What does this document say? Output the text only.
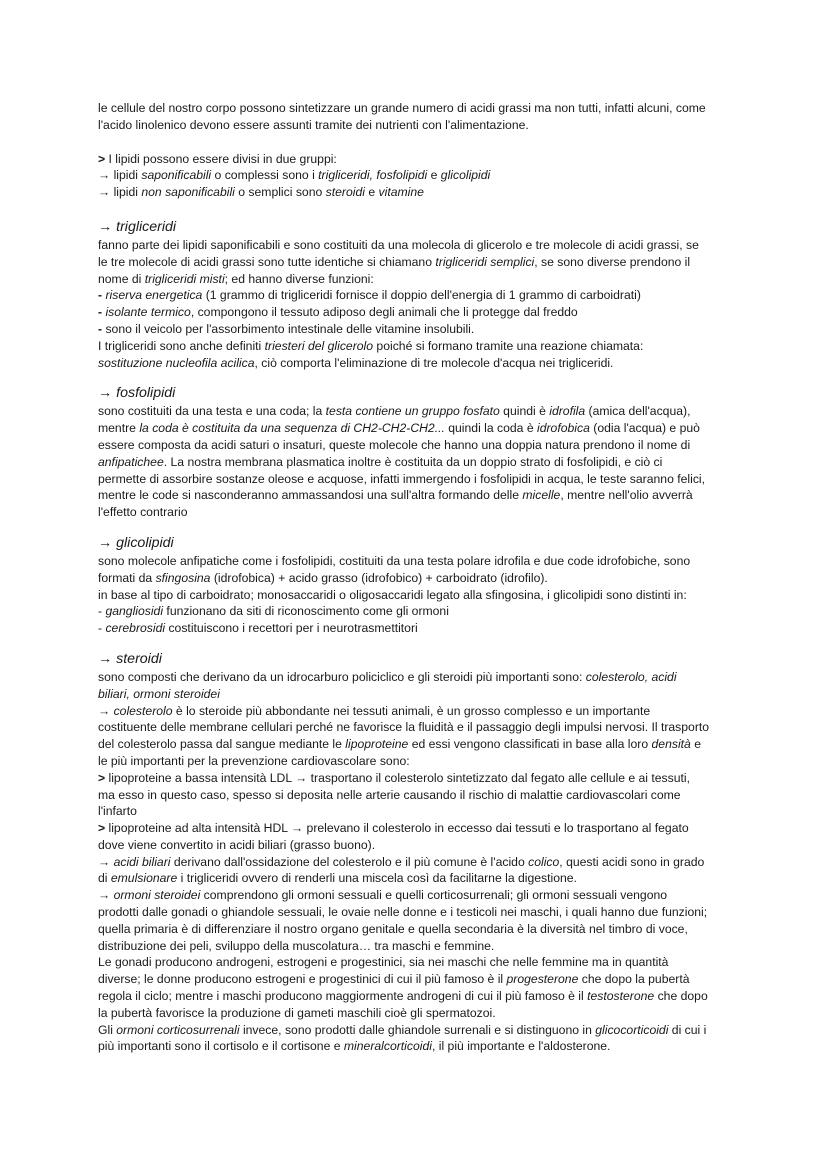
le cellule del nostro corpo possono sintetizzare un grande numero di acidi grassi ma non tutti, infatti alcuni, come

l'acido linolenico devono essere assunti tramite dei nutrienti con l'alimentazione.

> I lipidi possono essere divisi in due gruppi:

→ lipidi saponificabili o complessi sono i trigliceridi, fosfolipidi e glicolipidi

→ lipidi non saponificabili o semplici sono steroidi e vitamine

→ trigliceridi

fanno parte dei lipidi saponificabili e sono costituiti da una molecola di glicerolo e tre molecole di acidi grassi, se

le tre molecole di acidi grassi sono tutte identiche si chiamano trigliceridi semplici, se sono diverse prendono il

nome di trigliceridi misti; ed hanno diverse funzioni:

- riserva energetica (1 grammo di trigliceridi fornisce il doppio dell'energia di 1 grammo di carboidrati)

- isolante termico, compongono il tessuto adiposo degli animali che li protegge dal freddo

- sono il veicolo per l'assorbimento intestinale delle vitamine insolubili.

I trigliceridi sono anche definiti triesteri del glicerolo poiché si formano tramite una reazione chiamata:

sostituzione nucleofila acilica, ciò comporta l'eliminazione di tre molecole d'acqua nei trigliceridi.

→ fosfolipidi

sono costituiti da una testa e una coda; la testa contiene un gruppo fosfato quindi è idrofila (amica dell'acqua),

mentre la coda è costituita da una sequenza di CH2-CH2-CH2... quindi la coda è idrofobica (odia l'acqua) e può

essere composta da acidi saturi o insaturi, queste molecole che hanno una doppia natura prendono il nome di

anfipatichee. La nostra membrana plasmatica inoltre è costituita da un doppio strato di fosfolipidi, e ciò ci

permette di assorbire sostanze oleose e acquose, infatti immergendo i fosfolipidi in acqua, le teste saranno felici,

mentre le code si nasconderanno ammassandosi una sull'altra formando delle micelle, mentre nell'olio avverrà

l'effetto contrario

→ glicolipidi

sono molecole anfipatiche come i fosfolipidi, costituiti da una testa polare idrofila e due code idrofobiche, sono

formati da sfingosina (idrofobica) + acido grasso (idrofobico) + carboidrato (idrofilo).

in base al tipo di carboidrato; monosaccaridi o oligosaccaridi legato alla sfingosina, i glicolipidi sono distinti in:

- gangliosidi funzionano da siti di riconoscimento come gli ormoni

- cerebrosidi costituiscono i recettori per i neurotrasmettitori

→ steroidi

sono composti che derivano da un idrocarburo policiclico e gli steroidi più importanti sono: colesterolo, acidi

biliari, ormoni steroidei

→ colesterolo è lo steroide più abbondante nei tessuti animali, è un grosso complesso e un importante

costituente delle membrane cellulari perché ne favorisce la fluidità e il passaggio degli impulsi nervosi. Il trasporto

del colesterolo passa dal sangue mediante le lipoproteine ed essi vengono classificati in base alla loro densità e

le più importanti per la prevenzione cardiovascolare sono:

> lipoproteine a bassa intensità LDL → trasportano il colesterolo sintetizzato dal fegato alle cellule e ai tessuti,

ma esso in questo caso, spesso si deposita nelle arterie causando il rischio di malattie cardiovascolari come

l'infarto

> lipoproteine ad alta intensità HDL → prelevano il colesterolo in eccesso dai tessuti e lo trasportano al fegato

dove viene convertito in acidi biliari (grasso buono).

→ acidi biliari derivano dall'ossidazione del colesterolo e il più comune è l'acido colico, questi acidi sono in grado

di emulsionare i trigliceridi ovvero di renderli una miscela così da facilitarne la digestione.

→ ormoni steroidei comprendono gli ormoni sessuali e quelli corticosurrenali; gli ormoni sessuali vengono

prodotti dalle gonadi o ghiandole sessuali, le ovaie nelle donne e i testicoli nei maschi, i quali hanno due funzioni;

quella primaria è di differenziare il nostro organo genitale e quella secondaria è la diversità nel timbro di voce,

distribuzione dei peli, sviluppo della muscolatura… tra maschi e femmine.

Le gonadi producono androgeni, estrogeni e progestinici, sia nei maschi che nelle femmine ma in quantità

diverse; le donne producono estrogeni e progestinici di cui il più famoso è il progesterone che dopo la pubertà

regola il ciclo; mentre i maschi producono maggiormente androgeni di cui il più famoso è il testosterone che dopo

la pubertà favorisce la produzione di gameti maschili cioè gli spermatozoi.

Gli ormoni corticosurrenali invece, sono prodotti dalle ghiandole surrenali e si distinguono in glicocorticoidi di cui i

più importanti sono il cortisolo e il cortisone e mineralcorticoidi, il più importante e l'aldosterone.
